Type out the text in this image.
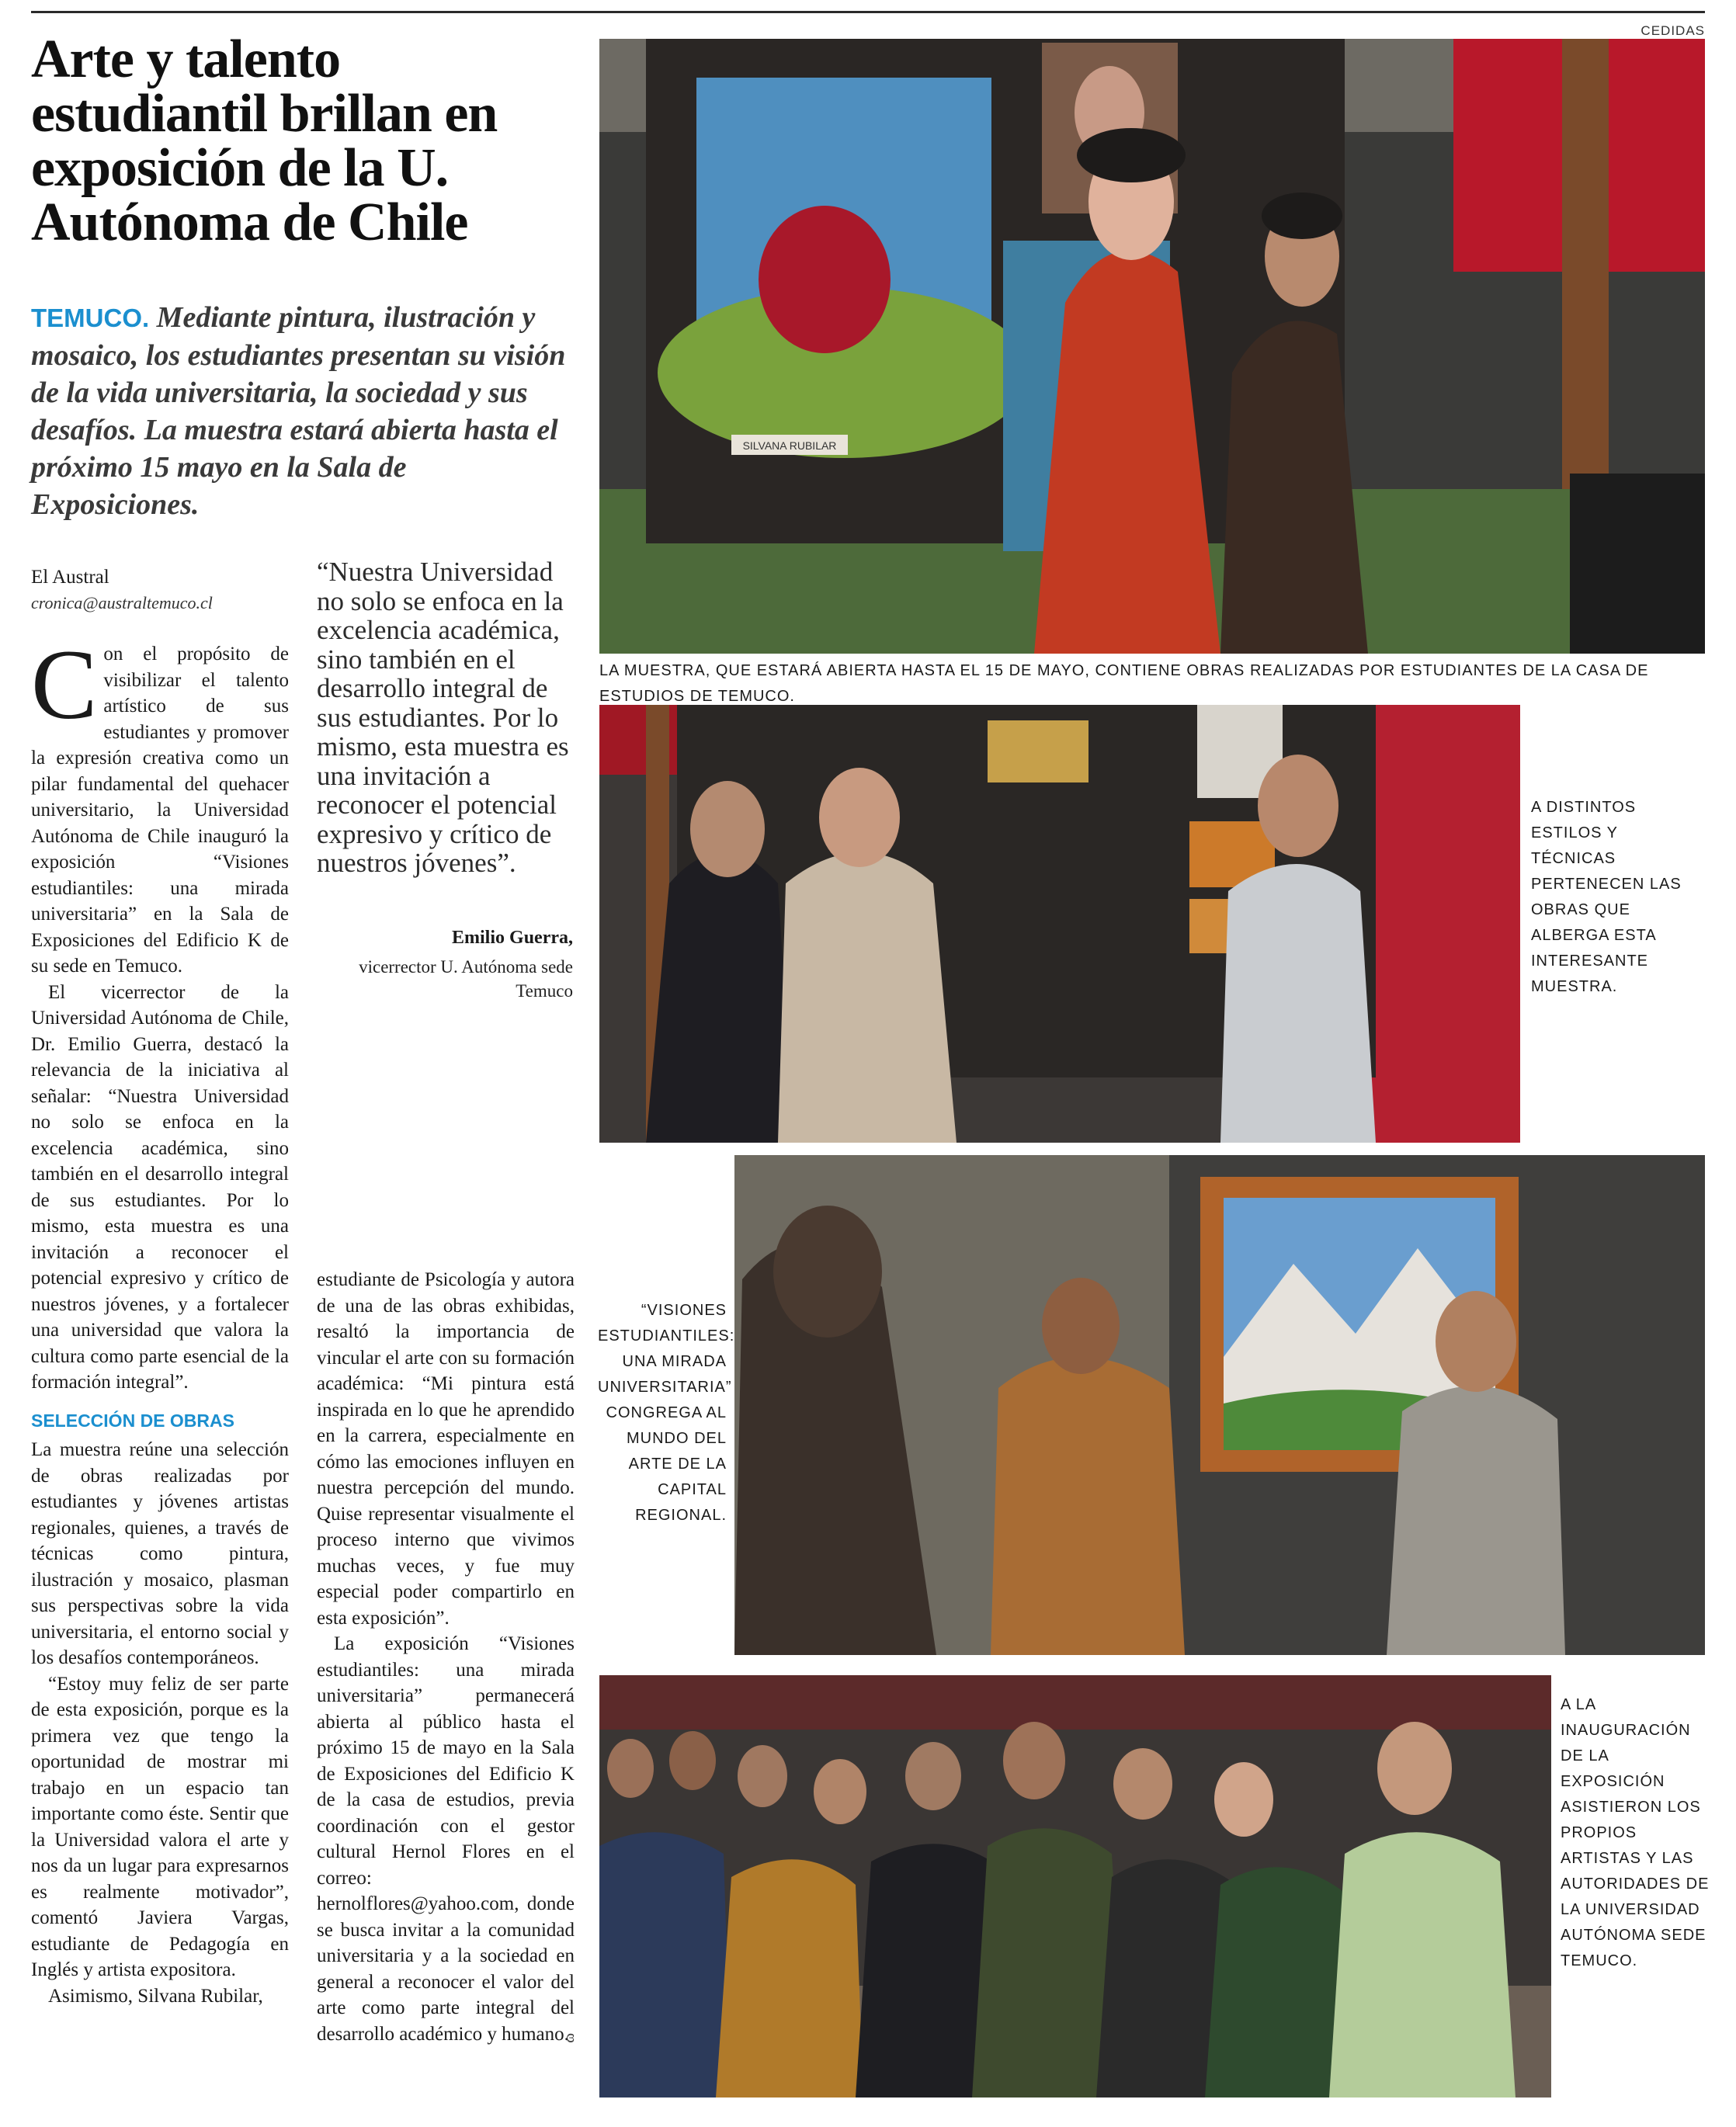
CEDIDAS
Arte y talento estudiantil brillan en exposición de la U. Autónoma de Chile

TEMUCO. Mediante pintura, ilustración y mosaico, los estudiantes presentan su visión de la vida universitaria, la sociedad y sus desafíos. La muestra estará abierta hasta el próximo 15 mayo en la Sala de Exposiciones.

El Austral
cronica@australtemuco.cl

Con el propósito de visibilizar el talento artístico de sus estudiantes y promover la expresión creativa como un pilar fundamental del quehacer universitario, la Universidad Autónoma de Chile inauguró la exposición “Visiones estudiantiles: una mirada universitaria” en la Sala de Exposiciones del Edificio K de su sede en Temuco.

El vicerrector de la Universidad Autónoma de Chile, Dr. Emilio Guerra, destacó la relevancia de la iniciativa al señalar: “Nuestra Universidad no solo se enfoca en la excelencia académica, sino también en el desarrollo integral de sus estudiantes. Por lo mismo, esta muestra es una invitación a reconocer el potencial expresivo y crítico de nuestros jóvenes, y a fortalecer una universidad que valora la cultura como parte esencial de la formación integral”.

SELECCIÓN DE OBRAS

La muestra reúne una selección de obras realizadas por estudiantes y jóvenes artistas regionales, quienes, a través de técnicas como pintura, ilustración y mosaico, plasman sus perspectivas sobre la vida universitaria, el entorno social y los desafíos contemporáneos.

“Estoy muy feliz de ser parte de esta exposición, porque es la primera vez que tengo la oportunidad de mostrar mi trabajo en un espacio tan importante como éste. Sentir que la Universidad valora el arte y nos da un lugar para expresarnos es realmente motivador”, comentó Javiera Vargas, estudiante de Pedagogía en Inglés y artista expositora.

Asimismo, Silvana Rubilar,

“Nuestra Universidad no solo se enfoca en la excelencia académica, sino también en el desarrollo integral de sus estudiantes. Por lo mismo, esta muestra es una invitación a reconocer el potencial expresivo y crítico de nuestros jóvenes”.

Emilio Guerra,
vicerrector U. Autónoma sede Temuco

estudiante de Psicología y autora de una de las obras exhibidas, resaltó la importancia de vincular el arte con su formación académica: “Mi pintura está inspirada en lo que he aprendido en la carrera, especialmente en cómo las emociones influyen en nuestra percepción del mundo. Quise representar visualmente el proceso interno que vivimos muchas veces, y fue muy especial poder compartirlo en esta exposición”.

La exposición “Visiones estudiantiles: una mirada universitaria” permanecerá abierta al público hasta el próximo 15 de mayo en la Sala de Exposiciones del Edificio K de la casa de estudios, previa coordinación con el gestor cultural Hernol Flores en el correo: hernolflores@yahoo.com, donde se busca invitar a la comunidad universitaria y a la sociedad en general a reconocer el valor del arte como parte integral del desarrollo académico y humano.

ɞ
SILVANA RUBILAR
LA MUESTRA, QUE ESTARÁ ABIERTA HASTA EL 15 DE MAYO, CONTIENE OBRAS REALIZADAS POR ESTUDIANTES DE LA CASA DE ESTUDIOS DE TEMUCO.
A DISTINTOS ESTILOS Y TÉCNICAS PERTENECEN LAS OBRAS QUE ALBERGA ESTA INTERESANTE MUESTRA.
“VISIONES ESTUDIANTILES: UNA MIRADA UNIVERSITARIA” CONGREGA AL MUNDO DEL ARTE DE LA CAPITAL REGIONAL.
A LA INAUGURACIÓN DE LA EXPOSICIÓN ASISTIERON LOS PROPIOS ARTISTAS Y LAS AUTORIDADES DE LA UNIVERSIDAD AUTÓNOMA SEDE TEMUCO.
